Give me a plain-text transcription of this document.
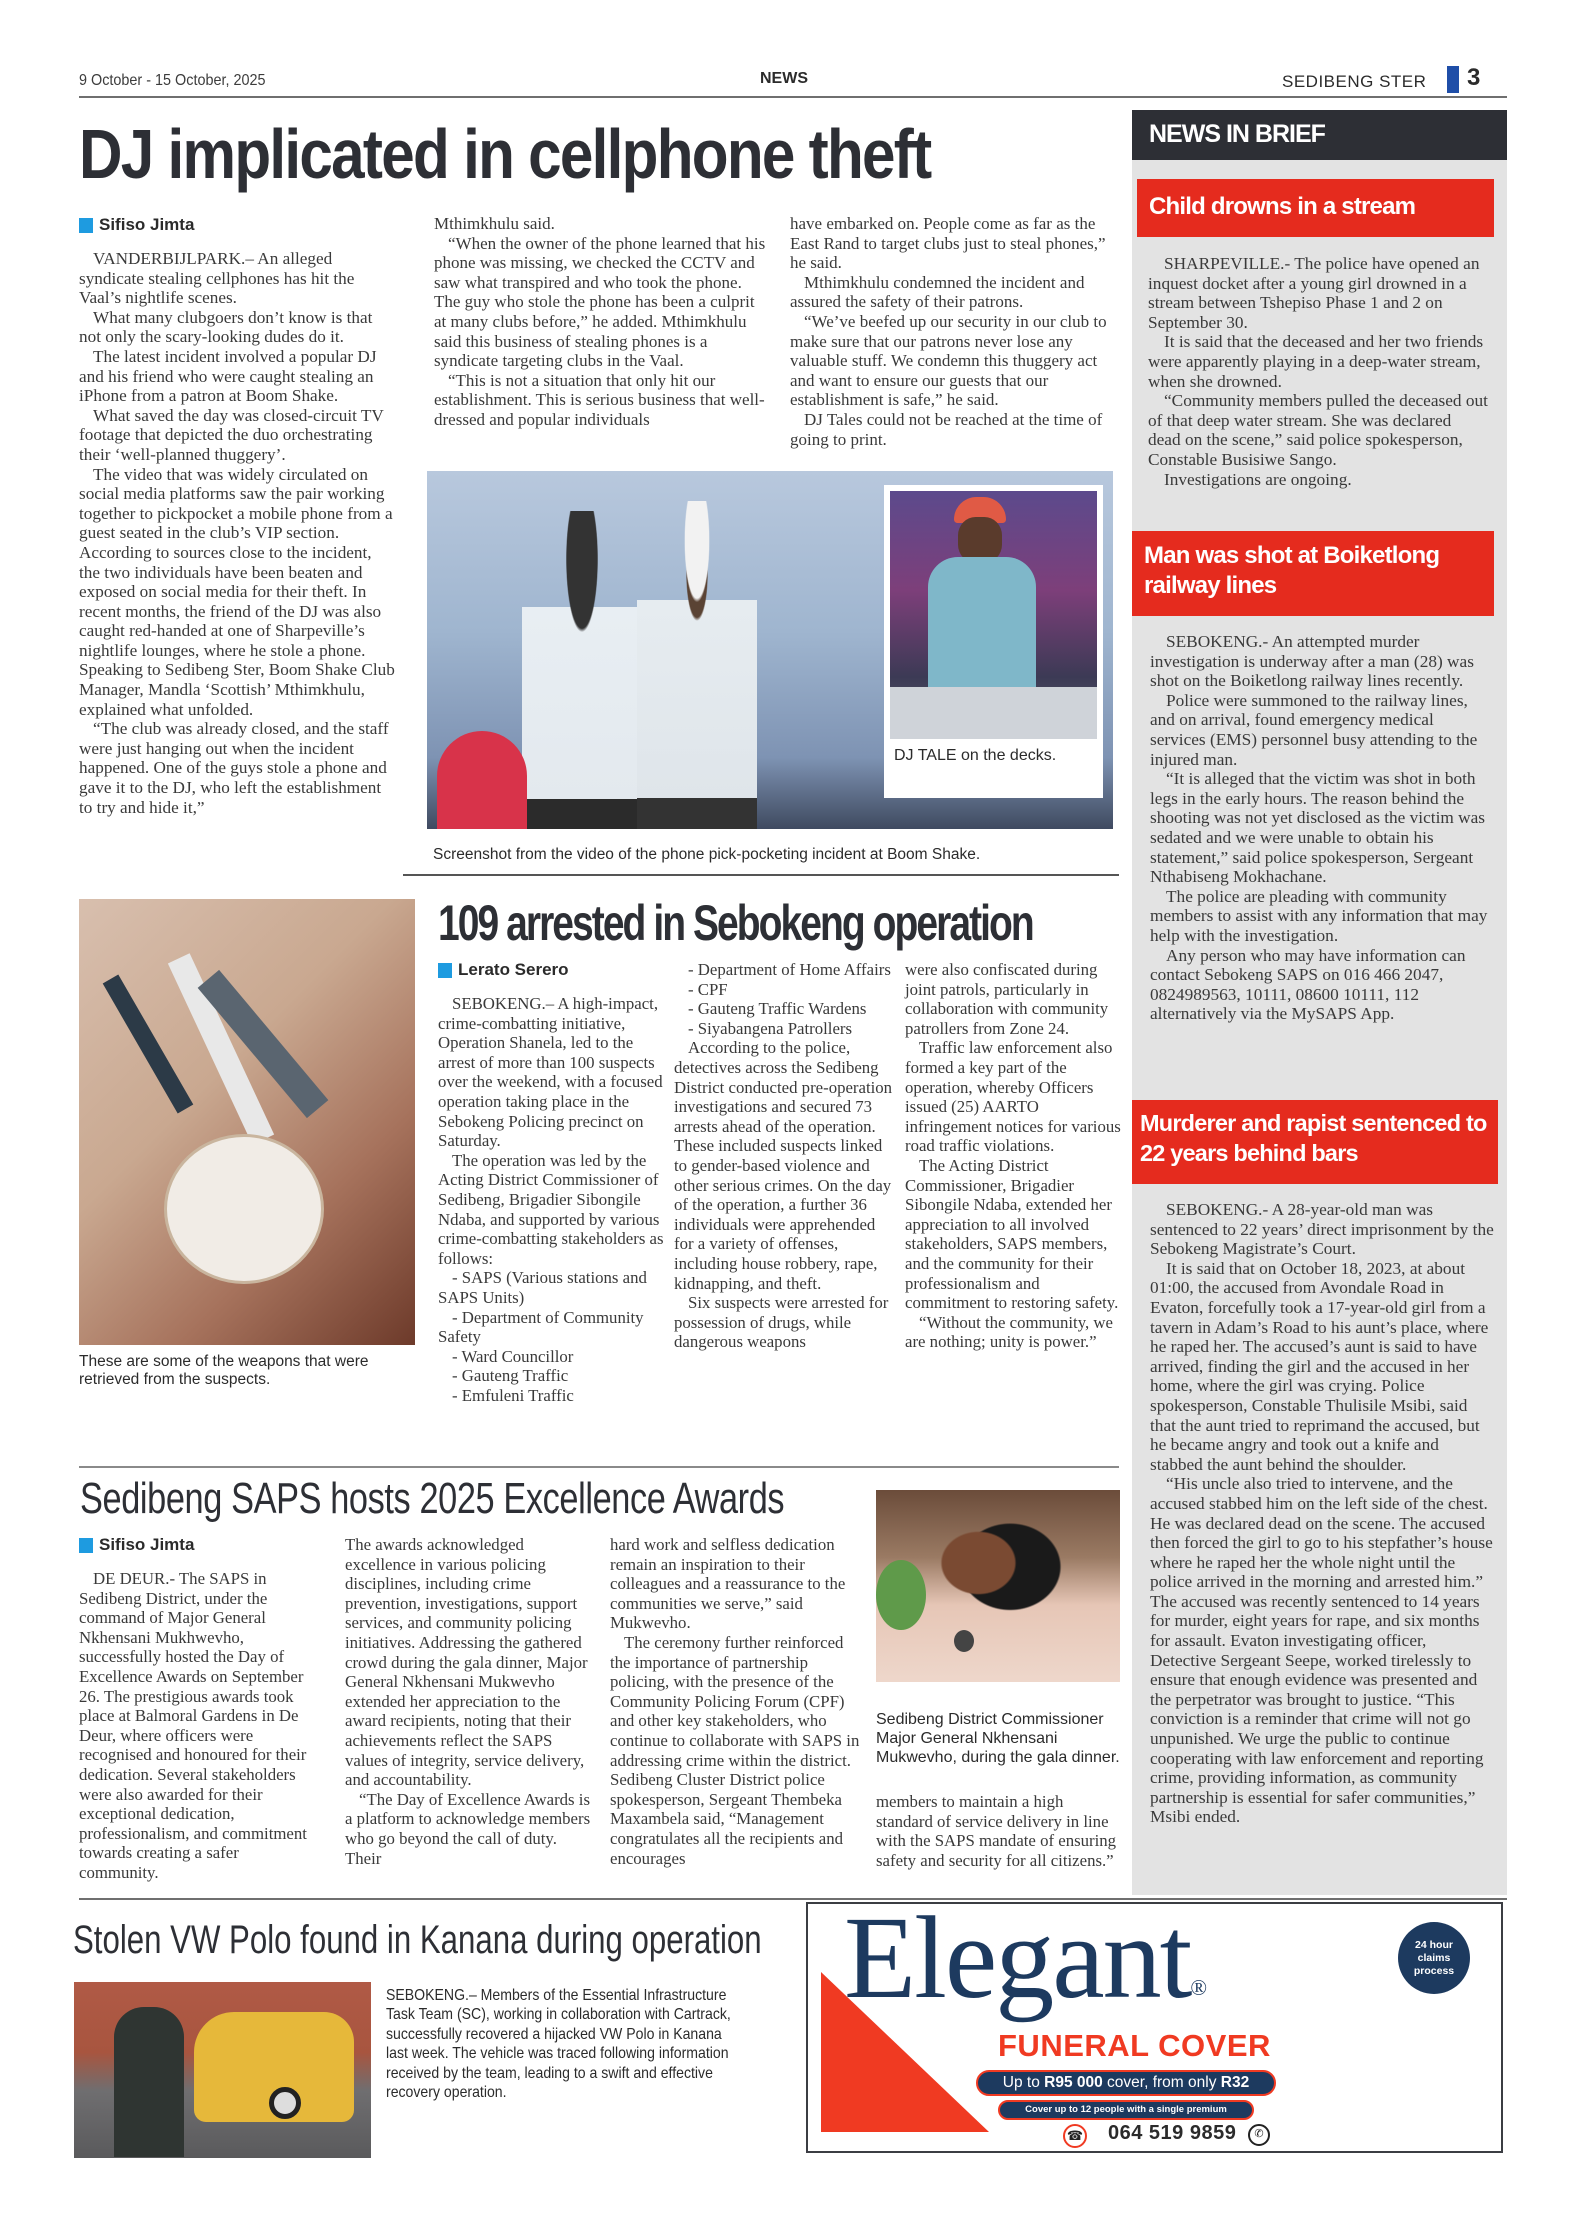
9 October - 15 October, 2025	NEWS	SEDIBENG STER 3
DJ implicated in cellphone theft
Sifiso Jimta

VANDERBIJLPARK.– An alleged syndicate stealing cellphones has hit the Vaal’s nightlife scenes.

What many clubgoers don’t know is that not only the scary-looking dudes do it.

The latest incident involved a popular DJ and his friend who were caught stealing an iPhone from a patron at Boom Shake.

What saved the day was closed-circuit TV footage that depicted the duo orchestrating their ‘well-planned thuggery’.

The video that was widely circulated on social media platforms saw the pair working together to pickpocket a mobile phone from a guest seated in the club’s VIP section. According to sources close to the incident, the two individuals have been beaten and exposed on social media for their theft. In recent months, the friend of the DJ was also caught red-handed at one of Sharpeville’s nightlife lounges, where he stole a phone. Speaking to Sedibeng Ster, Boom Shake Club Manager, Mandla ‘Scottish’ Mthimkhulu, explained what unfolded.

“The club was already closed, and the staff were just hanging out when the incident happened. One of the guys stole a phone and gave it to the DJ, who left the establishment to try and hide it,”

Mthimkhulu said.

“When the owner of the phone learned that his phone was missing, we checked the CCTV and saw what transpired and who took the phone. The guy who stole the phone has been a culprit at many clubs before,” he added. Mthimkhulu said this business of stealing phones is a syndicate targeting clubs in the Vaal.

“This is not a situation that only hit our establishment. This is serious business that well-dressed and popular individuals

have embarked on. People come as far as the East Rand to target clubs just to steal phones,” he said.

Mthimkhulu condemned the incident and assured the safety of their patrons.

“We’ve beefed up our security in our club to make sure that our patrons never lose any valuable stuff. We condemn this thuggery act and want to ensure our guests that our establishment is safe,” he said.

DJ Tales could not be reached at the time of going to print.

DJ TALE on the decks.
Screenshot from the video of the phone pick-pocketing incident at Boom Shake.
These are some of the weapons that were retrieved from the suspects.
109 arrested in Sebokeng operation
Lerato Serero

SEBOKENG.– A high-impact, crime-combatting initiative, Operation Shanela, led to the arrest of more than 100 suspects over the weekend, with a focused operation taking place in the Sebokeng Policing precinct on Saturday.

The operation was led by the Acting District Commissioner of Sedibeng, Brigadier Sibongile Ndaba, and supported by various crime-combatting stakeholders as follows:

- SAPS (Various stations and SAPS Units)

- Department of Community Safety

- Ward Councillor

- Gauteng Traffic

- Emfuleni Traffic

- Department of Home Affairs

- CPF

- Gauteng Traffic Wardens

- Siyabangena Patrollers

According to the police, detectives across the Sedibeng District conducted pre-operation investigations and secured 73 arrests ahead of the operation. These included suspects linked to gender-based violence and other serious crimes. On the day of the operation, a further 36 individuals were apprehended for a variety of offenses, including house robbery, rape, kidnapping, and theft.

Six suspects were arrested for possession of drugs, while dangerous weapons

were also confiscated during joint patrols, particularly in collaboration with community patrollers from Zone 24.

Traffic law enforcement also formed a key part of the operation, whereby Officers issued (25) AARTO infringement notices for various road traffic violations.

The Acting District Commissioner, Brigadier Sibongile Ndaba, extended her appreciation to all involved stakeholders, SAPS members, and the community for their professionalism and commitment to restoring safety.

“Without the community, we are nothing; unity is power.”

Sedibeng SAPS hosts 2025 Excellence Awards
Sifiso Jimta

DE DEUR.- The SAPS in Sedibeng District, under the command of Major General Nkhensani Mukhwevho, successfully hosted the Day of Excellence Awards on September 26. The prestigious awards took place at Balmoral Gardens in De Deur, where officers were recognised and honoured for their dedication. Several stakeholders were also awarded for their exceptional dedication, professionalism, and commitment towards creating a safer community.

The awards acknowledged excellence in various policing disciplines, including crime prevention, investigations, support services, and community policing initiatives. Addressing the gathered crowd during the gala dinner, Major General Nkhensani Mukwevho extended her appreciation to the award recipients, noting that their achievements reflect the SAPS values of integrity, service delivery, and accountability.

“The Day of Excellence Awards is a platform to acknowledge members who go beyond the call of duty. Their

hard work and selfless dedication remain an inspiration to their colleagues and a reassurance to the communities we serve,” said Mukwevho.

The ceremony further reinforced the importance of partnership policing, with the presence of the Community Policing Forum (CPF) and other key stakeholders, who continue to collaborate with SAPS in addressing crime within the district. Sedibeng Cluster District police spokesperson, Sergeant Thembeka Maxambela said, “Management congratulates all the recipients and encourages

Sedibeng District Commissioner Major General Nkhensani Mukwevho, during the gala dinner.

members to maintain a high standard of service delivery in line with the SAPS mandate of ensuring safety and security for all citizens.”

Stolen VW Polo found in Kanana during operation
SEBOKENG.– Members of the Essential Infrastructure Task Team (SC), working in collaboration with Cartrack, successfully recovered a hijacked VW Polo in Kanana last week. The vehicle was traced following information received by the team, leading to a swift and effective recovery operation.
Elegant®
24 hour
claims
process
FUNERAL COVER
Up to R95 000 cover, from only R32
Cover up to 12 people with a single premium
☎ 064 519 9859	✆
NEWS IN BRIEF
Child drowns in a stream

SHARPEVILLE.- The police have opened an inquest docket after a young girl drowned in a stream between Tshepiso Phase 1 and 2 on September 30.

It is said that the deceased and her two friends were apparently playing in a deep-water stream, when she drowned.

“Community members pulled the deceased out of that deep water stream. She was declared dead on the scene,” said police spokesperson, Constable Busisiwe Sango.

Investigations are ongoing.

Man was shot at Boiketlong railway lines

SEBOKENG.- An attempted murder investigation is underway after a man (28) was shot on the Boiketlong railway lines recently.

Police were summoned to the railway lines, and on arrival, found emergency medical services (EMS) personnel busy attending to the injured man.

“It is alleged that the victim was shot in both legs in the early hours. The reason behind the shooting was not yet disclosed as the victim was sedated and we were unable to obtain his statement,” said police spokesperson, Sergeant Nthabiseng Mokhachane.

The police are pleading with community members to assist with any information that may help with the investigation.

Any person who may have information can contact Sebokeng SAPS on 016 466 2047, 0824989563, 10111, 08600 10111, 112 alternatively via the MySAPS App.

Murderer and rapist sentenced to 22 years behind bars

SEBOKENG.- A 28-year-old man was sentenced to 22 years’ direct imprisonment by the Sebokeng Magistrate’s Court.

It is said that on October 18, 2023, at about 01:00, the accused from Avondale Road in Evaton, forcefully took a 17-year-old girl from a tavern in Adam’s Road to his aunt’s place, where he raped her. The accused’s aunt is said to have arrived, finding the girl and the accused in her home, where the girl was crying. Police spokesperson, Constable Thulisile Msibi, said that the aunt tried to reprimand the accused, but he became angry and took out a knife and stabbed the aunt behind the shoulder.

“His uncle also tried to intervene, and the accused stabbed him on the left side of the chest. He was declared dead on the scene. The accused then forced the girl to go to his stepfather’s house where he raped her the whole night until the police arrived in the morning and arrested him.” The accused was recently sentenced to 14 years for murder, eight years for rape, and six months for assault. Evaton investigating officer, Detective Sergeant Seepe, worked tirelessly to ensure that enough evidence was presented and the perpetrator was brought to justice. “This conviction is a reminder that crime will not go unpunished. We urge the public to continue cooperating with law enforcement and reporting crime, providing information, as community partnership is essential for safer communities,” Msibi ended.
